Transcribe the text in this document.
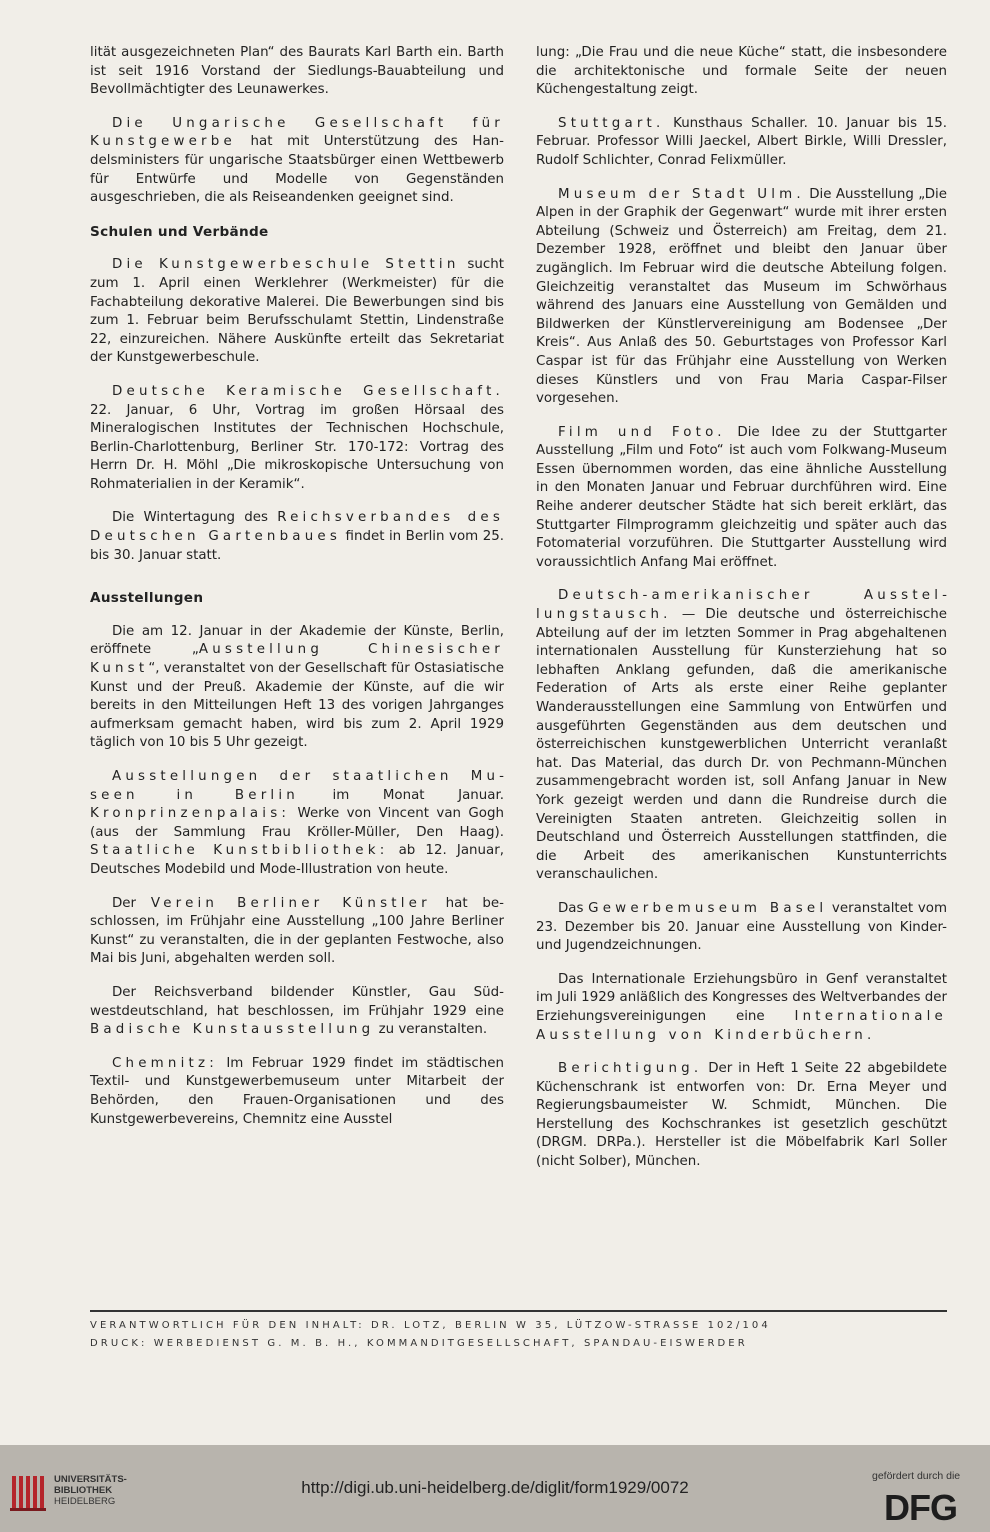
lität ausgezeichneten Plan“ des Baurats Karl Barth ein. Barth ist seit 1916 Vorstand der Siedlungs-Bauabteilung und Bevollmächtigter des Leunawerkes.

Die Ungarische Gesellschaft für Kunstgewerbe hat mit Unterstützung des Handelsministers für ungarische Staatsbürger einen Wettbewerb für Entwürfe und Modelle von Gegenständen ausgeschrieben, die als Reiseandenken geeignet sind.

Schulen und Verbände

Die Kunstgewerbeschule Stettin sucht zum 1. April einen Werklehrer (Werkmeister) für die Fachabteilung dekorative Malerei. Die Bewerbungen sind bis zum 1. Februar beim Berufsschulamt Stettin, Lindenstraße 22, einzureichen. Nähere Auskünfte erteilt das Sekretariat der Kunstgewerbeschule.

Deutsche Keramische Gesellschaft. 22. Januar, 6 Uhr, Vortrag im großen Hörsaal des Mineralogischen Institutes der Technischen Hochschule, Berlin-Charlottenburg, Berliner Str. 170-172: Vortrag des Herrn Dr. H. Möhl „Die mikroskopische Untersuchung von Rohmaterialien in der Keramik“.

Die Wintertagung des Reichsverbandes des Deutschen Gartenbaues findet in Berlin vom 25. bis 30. Januar statt.

Ausstellungen

Die am 12. Januar in der Akademie der Künste, Berlin, eröffnete „Ausstellung Chinesischer Kunst“, veranstaltet von der Gesellschaft für Ostasiatische Kunst und der Preuß. Akademie der Künste, auf die wir bereits in den Mitteilungen Heft 13 des vorigen Jahrganges aufmerksam gemacht haben, wird bis zum 2. April 1929 täglich von 10 bis 5 Uhr gezeigt.

Ausstellungen der staatlichen Museen in Berlin	im Monat Januar. Kronprinzenpalais: Werke von Vincent van Gogh (aus der Sammlung Frau Kröller-Müller, Den Haag). Staatliche Kunstbibliothek: ab 12. Januar, Deutsches Modebild und Mode-Illustration von heute.

Der Verein Berliner Künstler hat beschlossen, im Frühjahr eine Ausstellung „100 Jahre Berliner Kunst“ zu veranstalten, die in der geplanten Festwoche, also Mai bis Juni, abgehalten werden soll.

Der Reichsverband bildender Künstler, Gau Südwestdeutschland, hat beschlossen, im Frühjahr 1929 eine Badische Kunstausstellung zu veranstalten.

Chemnitz: Im Februar 1929 findet im städtischen Textil- und Kunstgewerbemuseum unter Mitarbeit der Behörden, den Frauen-Organisationen und des Kunstgewerbevereins, Chemnitz eine Ausstel

lung: „Die Frau und die neue Küche“ statt, die insbesondere die architektonische und formale Seite der neuen Küchengestaltung zeigt.

Stuttgart. Kunsthaus Schaller. 10. Januar bis 15. Februar. Professor Willi Jaeckel, Albert Birkle, Willi Dressler, Rudolf Schlichter, Conrad Felixmüller.

Museum der Stadt Ulm. Die Ausstellung „Die Alpen in der Graphik der Gegenwart“ wurde mit ihrer ersten Abteilung (Schweiz und Österreich) am Freitag, dem 21. Dezember 1928, eröffnet und bleibt den Januar über zugänglich. Im Februar wird die deutsche Abteilung folgen. Gleichzeitig veranstaltet das Museum im Schwörhaus während des Januars eine Ausstellung von Gemälden und Bildwerken der Künstlervereinigung am Bodensee „Der Kreis“. Aus Anlaß des 50. Geburtstages von Professor Karl Caspar ist für das Frühjahr eine Ausstellung von Werken dieses Künstlers und von Frau Maria Caspar-Filser vorgesehen.

Film und Foto. Die Idee zu der Stuttgarter Ausstellung „Film und Foto“ ist auch vom Folkwang-Museum Essen übernommen worden, das eine ähnliche Ausstellung in den Monaten Januar und Februar durchführen wird. Eine Reihe anderer deutscher Städte hat sich bereit erklärt, das Stuttgarter Filmprogramm gleichzeitig und später auch das Fotomaterial vorzuführen. Die Stuttgarter Ausstellung wird voraussichtlich Anfang Mai eröffnet.

Deutsch-amerikanischer Ausstellungstausch. — Die deutsche und österreichische Abteilung auf der im letzten Sommer in Prag abgehaltenen internationalen Ausstellung für Kunsterziehung hat so lebhaften Anklang gefunden, daß die amerikanische Federation of Arts als erste einer Reihe geplanter Wanderausstellungen eine Sammlung von Entwürfen und ausgeführten Gegenständen aus dem deutschen und österreichischen kunstgewerblichen Unterricht veranlaßt hat. Das Material, das durch Dr. von Pechmann-München zusammengebracht worden ist, soll Anfang Januar in New York gezeigt werden und dann die Rundreise durch die Vereinigten Staaten antreten. Gleichzeitig sollen in Deutschland und Österreich Ausstellungen stattfinden, die die Arbeit des amerikanischen Kunstunterrichts veranschaulichen.

Das Gewerbemuseum Basel veranstaltet vom 23. Dezember bis 20. Januar eine Ausstellung von Kinder- und Jugendzeichnungen.

Das Internationale Erziehungsbüro in Genf veranstaltet im Juli 1929 anläßlich des Kongresses des Weltverbandes der Erziehungsvereinigungen eine Internationale Ausstellung von Kinderbüchern.

Berichtigung. Der in Heft 1 Seite 22 abgebildete Küchenschrank ist entworfen von: Dr. Erna Meyer und Regierungsbaumeister W. Schmidt, München. Die Herstellung des Kochschrankes ist gesetzlich geschützt (DRGM. DRPa.). Hersteller ist die Möbelfabrik Karl Soller (nicht Solber), München.

VERANTWORTLICH FÜR DEN INHALT: DR. LOTZ, BERLIN W 35, LÜTZOW-STRASSE 102/104
DRUCK: WERBEDIENST G. M. B. H., KOMMANDITGESELLSCHAFT, SPANDAU-EISWERDER
UNIVERSITÄTS-
BIBLIOTHEK
HEIDELBERG
http://digi.ub.uni-heidelberg.de/diglit/form1929/0072
gefördert durch die
DFG
